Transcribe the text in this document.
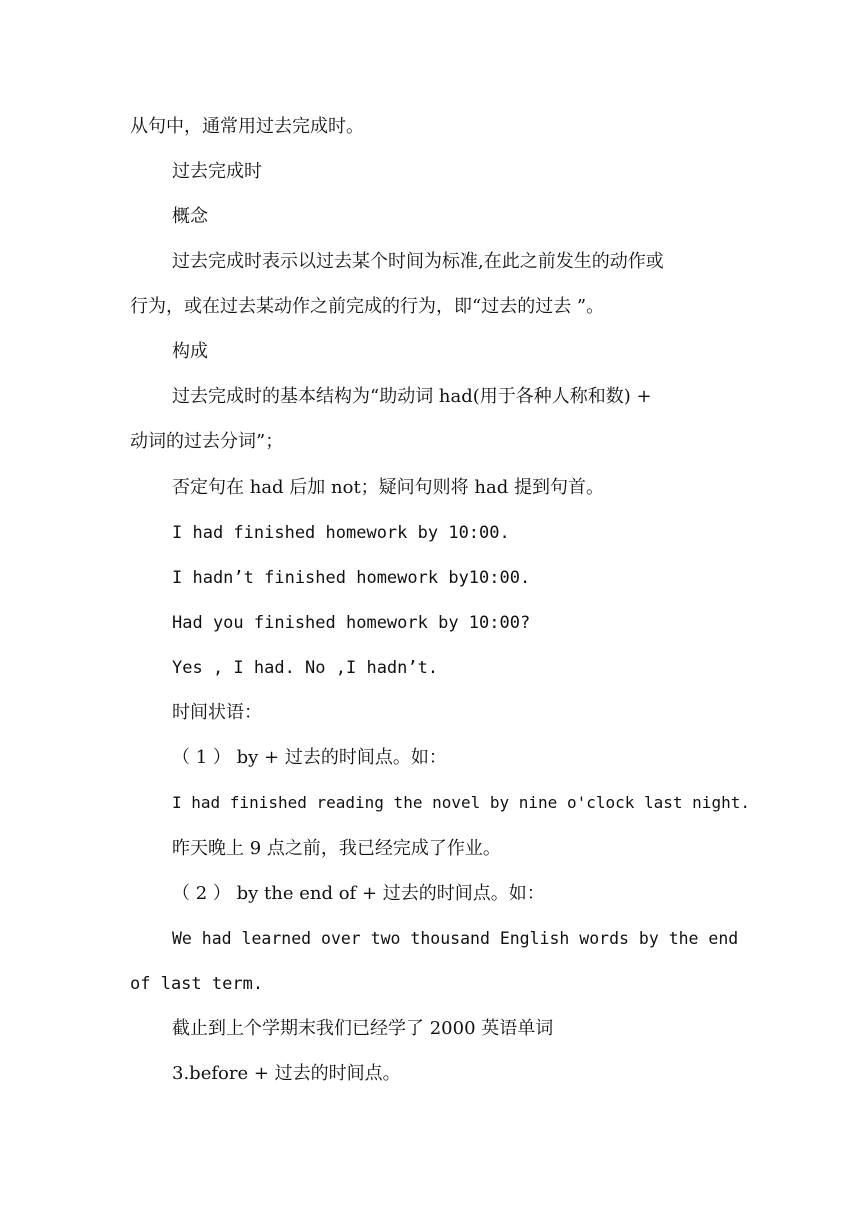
从句中，通常用过去完成时。
过去完成时
概念
过去完成时表示以过去某个时间为标准,在此之前发生的动作或
行为，或在过去某动作之前完成的行为，即“过去的过去 ”。
构成
过去完成时的基本结构为“助动词 had(用于各种人称和数) +
动词的过去分词”；
否定句在 had 后加 not；疑问句则将 had 提到句首。
I had finished homework by 10:00.
I hadn’t finished homework by10:00.
Had you finished homework by 10:00?
Yes , I had. No ,I hadn’t.
时间状语：
（ 1 ） by + 过去的时间点。如：
I had finished reading the novel by nine o'clock last night.
昨天晚上 9 点之前，我已经完成了作业。
（ 2 ） by the end of + 过去的时间点。如：
We had learned over two thousand English words by the end
of last term.
截止到上个学期末我们已经学了 2000 英语单词
3.before + 过去的时间点。
